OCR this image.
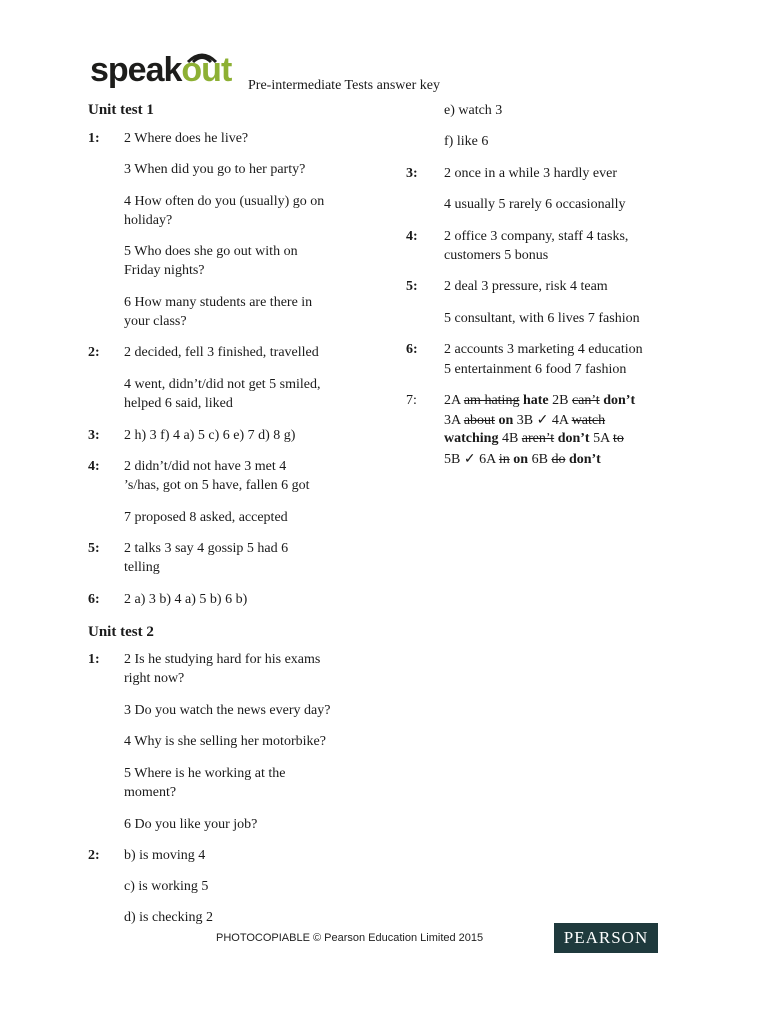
speakout Pre-intermediate Tests answer key
Unit test 1
1: 2 Where does he live?
3 When did you go to her party?
4 How often do you (usually) go on
holiday?
5 Who does she go out with on
Friday nights?
6 How many students are there in
your class?
2: 2 decided, fell 3 finished, travelled
4 went, didn’t/did not get 5 smiled,
helped 6 said, liked
3: 2 h) 3 f) 4 a) 5 c) 6 e) 7 d) 8 g)
4: 2 didn’t/did not have 3 met 4
’s/has, got on 5 have, fallen 6 got
7 proposed 8 asked, accepted
5: 2 talks 3 say 4 gossip 5 had 6
telling
6: 2 a) 3 b) 4 a) 5 b) 6 b)
Unit test 2
1: 2 Is he studying hard for his exams
right now?
3 Do you watch the news every day?
4 Why is she selling her motorbike?
5 Where is he working at the
moment?
6 Do you like your job?
2: b) is moving 4
c) is working 5
d) is checking 2
e) watch 3
f) like 6
3: 2 once in a while 3 hardly ever
4 usually 5 rarely 6 occasionally
4: 2 office 3 company, staff 4 tasks,
customers 5 bonus
5: 2 deal 3 pressure, risk 4 team
5 consultant, with 6 lives 7 fashion
6: 2 accounts 3 marketing 4 education
5 entertainment 6 food 7 fashion
7: 2A am hating hate 2B can’t don’t
3A about on 3B ✓ 4A watch
watching 4B aren’t don’t 5A to
5B ✓ 6A in on 6B do don’t
PHOTOCOPIABLE © Pearson Education Limited 2015	PEARSON
